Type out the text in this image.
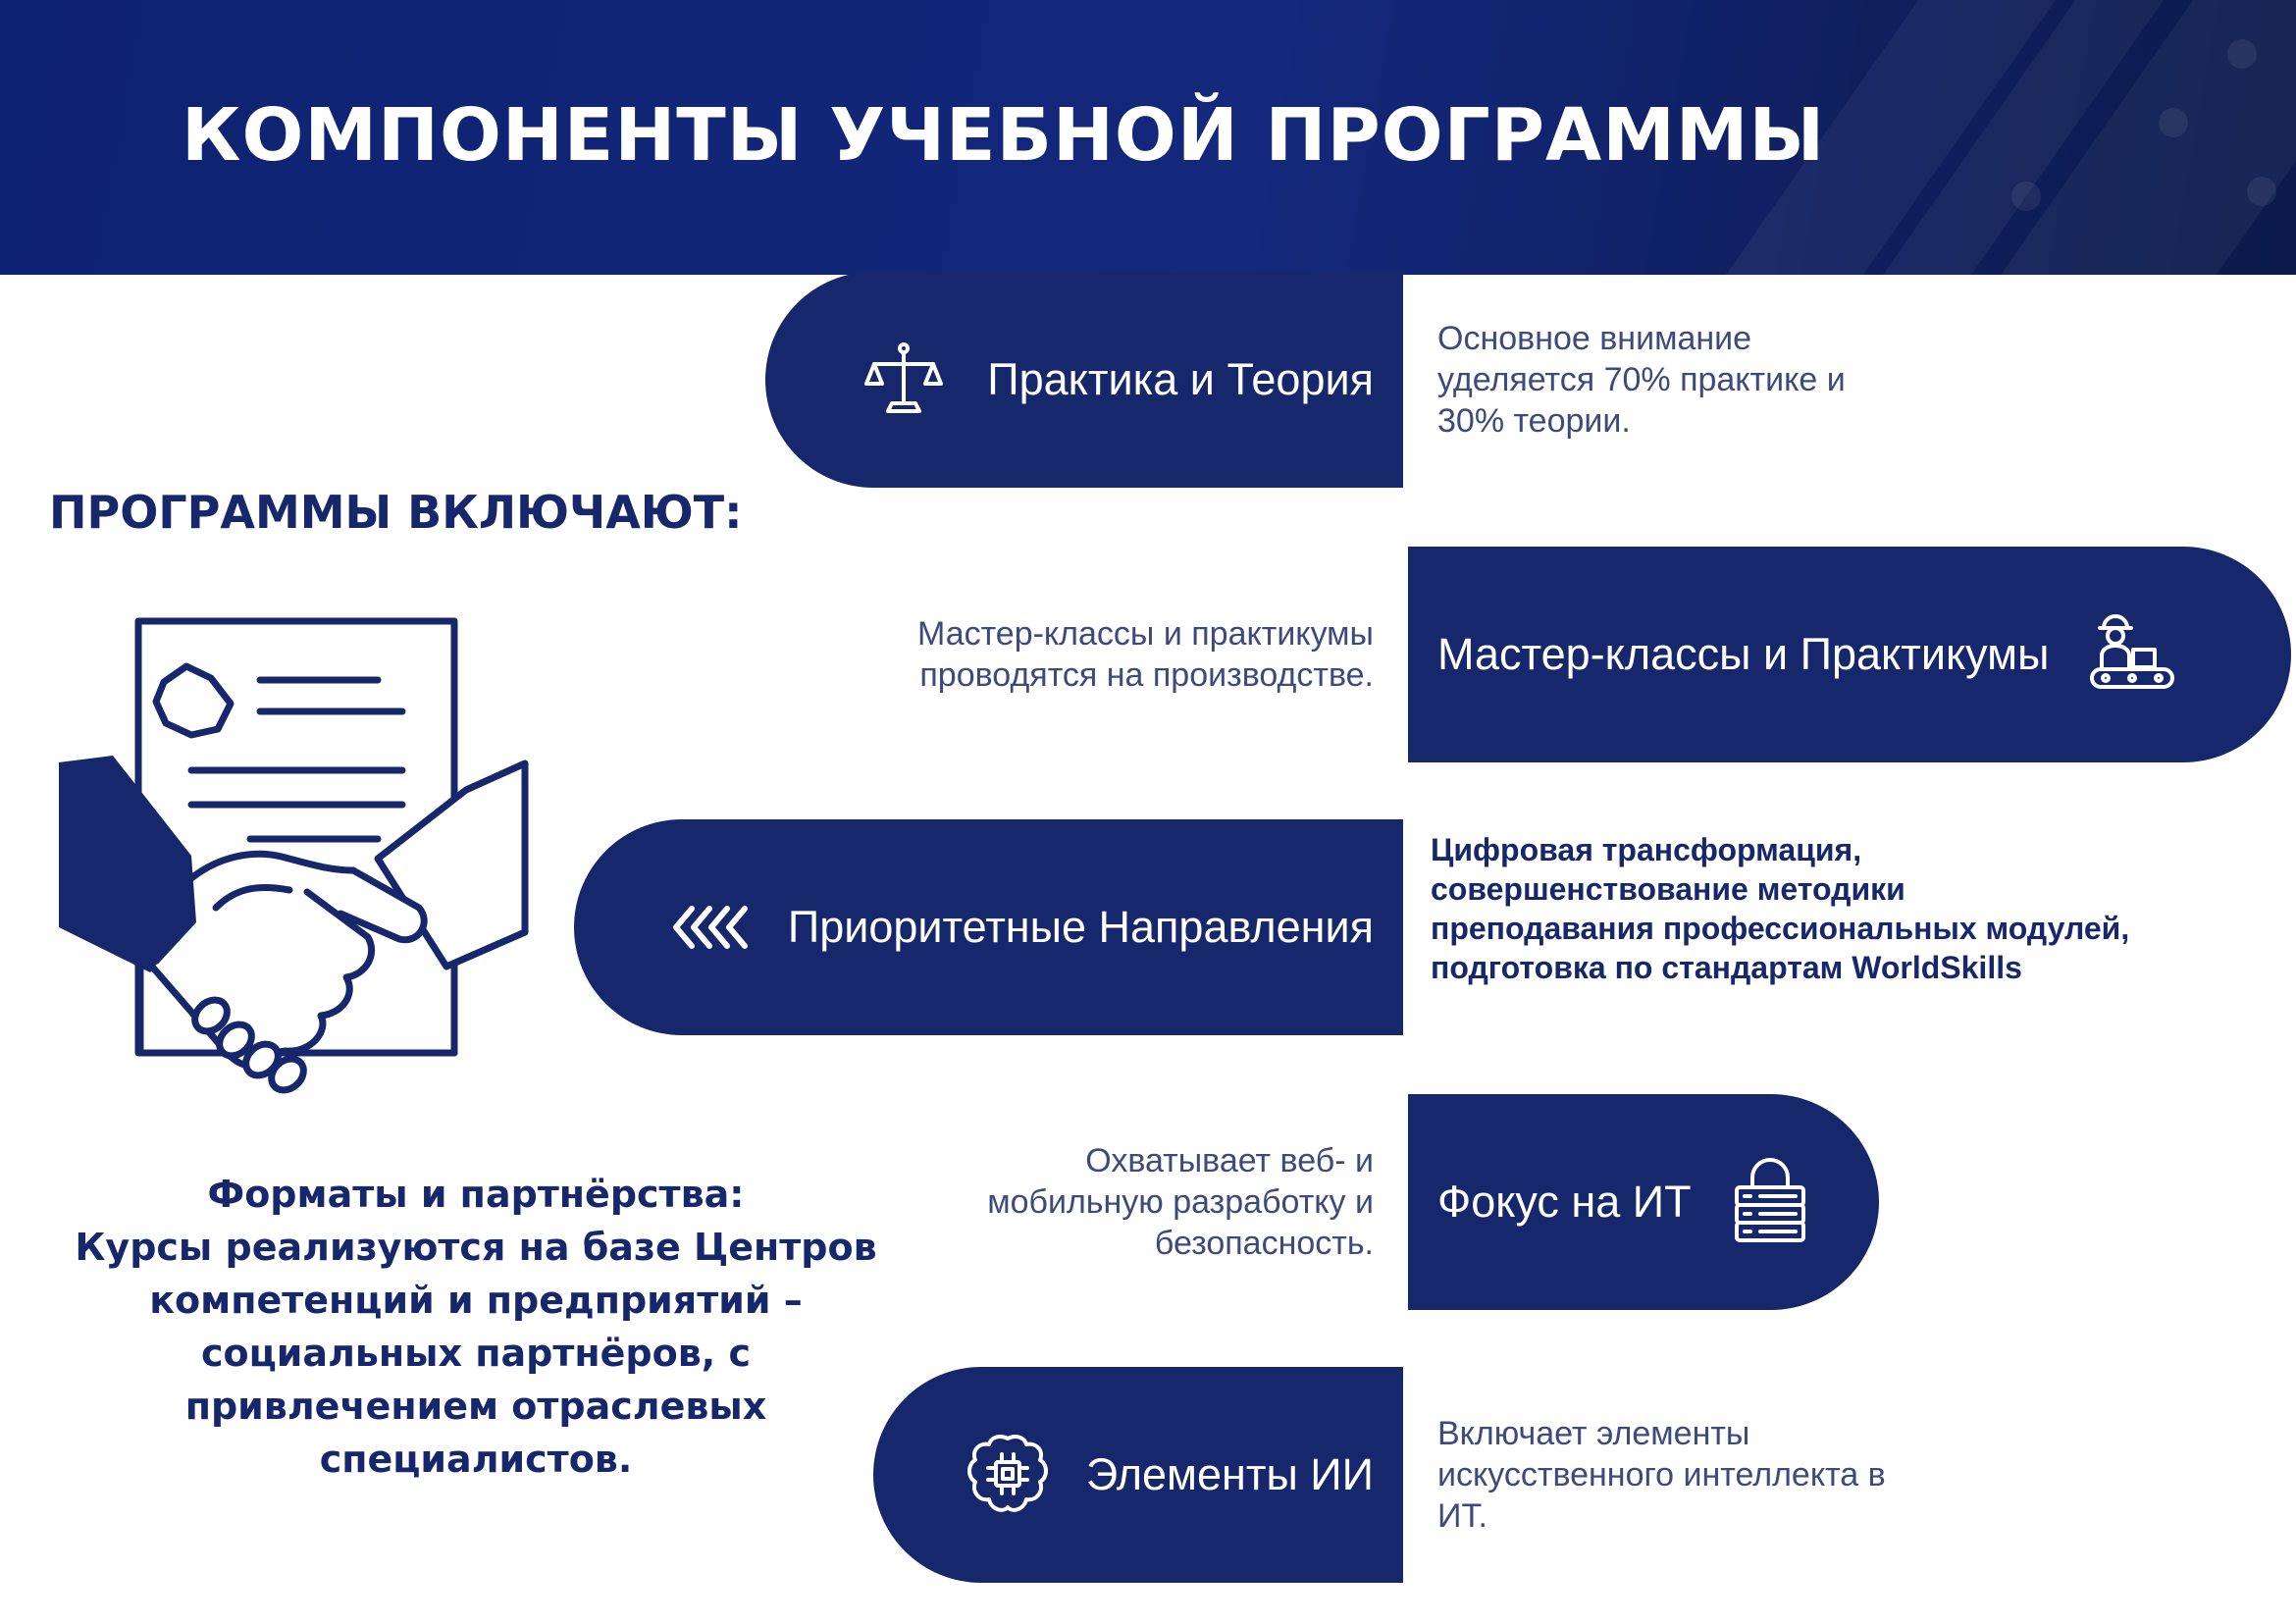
КОМПОНЕНТЫ УЧЕБНОЙ ПРОГРАММЫ
ПРОГРАММЫ ВКЛЮЧАЮТ:
Форматы и партнёрства:
Курсы реализуются на базе Центров
компетенций и предприятий –
социальных партнёров, с
привлечением отраслевых
специалистов.
Практика и Теория
Основное внимание
уделяется 70% практике и
30% теории.
Мастер-классы и практикумы
проводятся на производстве. Мастер-классы и Практикумы
Приоритетные Направления
Цифровая трансформация,
совершенствование методики
преподавания профессиональных модулей,
подготовка по стандартам WorldSkills
Охватывает веб- и
мобильную разработку и
безопасность.
Фокус на ИТ
Элементы ИИ
Включает элементы
искусственного интеллекта в
ИТ.
